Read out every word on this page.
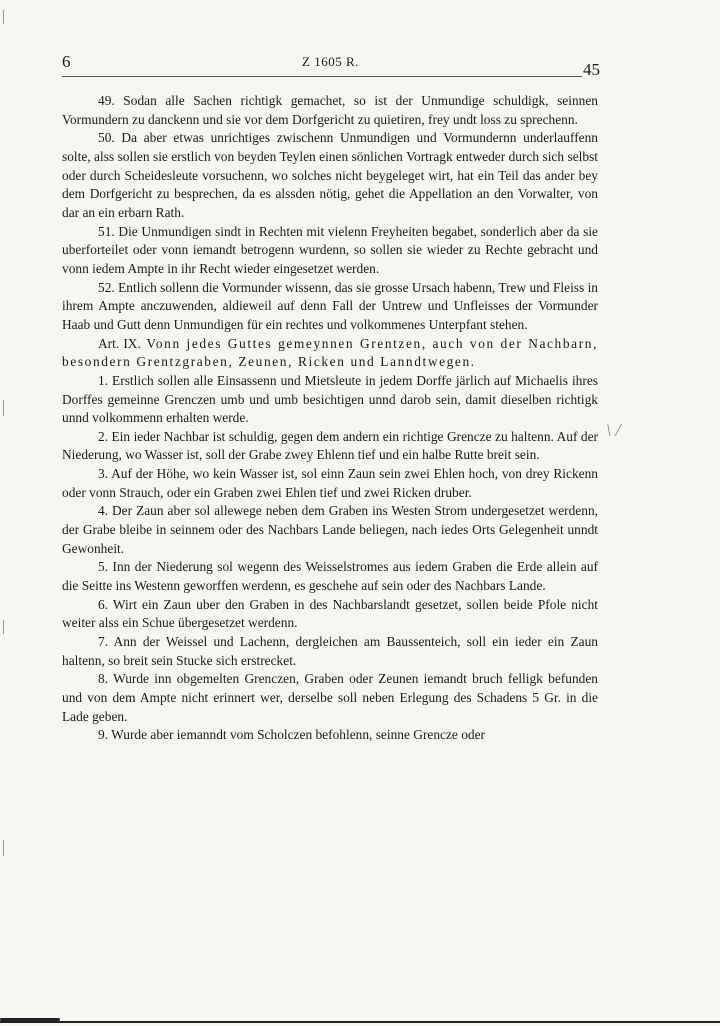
6	Z 1605 R.	45

49. Sodan alle Sachen richtigk gemachet, so ist der Unmundige schuldigk, seinnen Vormundern zu danckenn und sie vor dem Dorfgericht zu quietiren, frey undt loss zu sprechenn.

50. Da aber etwas unrichtiges zwischenn Unmundigen und Vormundernn underlauffenn solte, alss sollen sie erstlich von beyden Teylen einen sönlichen Vortragk entweder durch sich selbst oder durch Scheidesleute vorsuchenn, wo solches nicht beygeleget wirt, hat ein Teil das ander bey dem Dorfgericht zu besprechen, da es alssden nötig, gehet die Appellation an den Vorwalter, von dar an ein erbarn Rath.

51. Die Unmundigen sindt in Rechten mit vielenn Freyheiten begabet, sonderlich aber da sie uberforteilet oder vonn iemandt betrogenn wurdenn, so sollen sie wieder zu Rechte gebracht und vonn iedem Ampte in ihr Recht wieder eingesetzet werden.

52. Entlich sollenn die Vormunder wissenn, das sie grosse Ursach habenn, Trew und Fleiss in ihrem Ampte anczuwenden, aldieweil auf denn Fall der Untrew und Unfleisses der Vormunder Haab und Gutt denn Unmundigen für ein rechtes und volkommenes Unterpfant stehen.

Art. IX. Vonn jedes Guttes gemeynnen Grentzen, auch von der Nachbarn, besondern Grentzgraben, Zeunen, Ricken und Lanndtwegen.

1. Erstlich sollen alle Einsassenn und Mietsleute in jedem Dorffe järlich auf Michaelis ihres Dorffes gemeinne Grenczen umb und umb besichtigen unnd darob sein, damit dieselben richtigk unnd volkommenn erhalten werde.

2. Ein ieder Nachbar ist schuldig, gegen dem andern ein richtige Grencze zu haltenn. Auf der Niederung, wo Wasser ist, soll der Grabe zwey Ehlenn tief und ein halbe Rutte breit sein.

3. Auf der Höhe, wo kein Wasser ist, sol einn Zaun sein zwei Ehlen hoch, von drey Rickenn oder vonn Strauch, oder ein Graben zwei Ehlen tief und zwei Ricken druber.

4. Der Zaun aber sol allewege neben dem Graben ins Westen Strom undergesetzet werdenn, der Grabe bleibe in seinnem oder des Nachbars Lande beliegen, nach iedes Orts Gelegenheit unndt Gewonheit.

5. Inn der Niederung sol wegenn des Weisselstromes aus iedem Graben die Erde allein auf die Seitte ins Westenn geworffen werdenn, es geschehe auf sein oder des Nachbars Lande.

6. Wirt ein Zaun uber den Graben in des Nachbarslandt gesetzet, sollen beide Pfole nicht weiter alss ein Schue übergesetzet werdenn.

7. Ann der Weissel und Lachenn, dergleichen am Baussenteich, soll ein ieder ein Zaun haltenn, so breit sein Stucke sich erstrecket.

8. Wurde inn obgemelten Grenczen, Graben oder Zeunen iemandt bruch felligk befunden und von dem Ampte nicht erinnert wer, derselbe soll neben Erlegung des Schadens 5 Gr. in die Lade geben.

9. Wurde aber iemanndt vom Scholczen befohlenn, seinne Grencze oder

\ /
